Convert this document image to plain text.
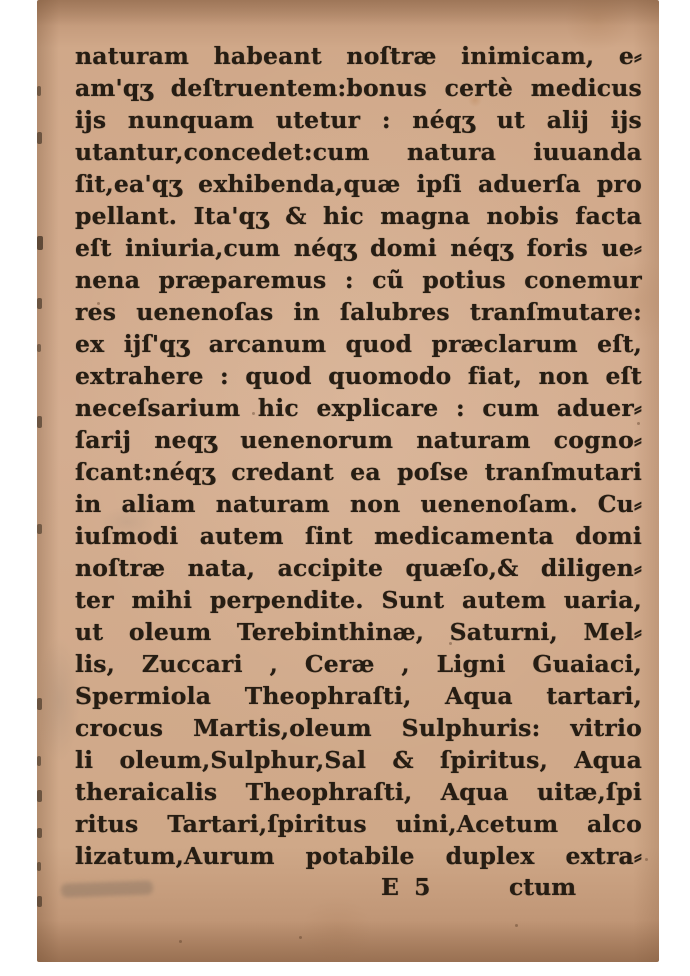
naturam habeant noſtræ inimicam, e⸗
am'qʒ deſtruentem:bonus certè medicus
ijs nunquam utetur : néqʒ ut alij ijs
utantur,concedet:cum natura iuuanda
ſit,ea'qʒ exhibenda,quæ ipſi aduerſa pro
pellant. Ita'qʒ & hic magna nobis facta
eſt iniuria,cum néqʒ domi néqʒ foris ue⸗
nena præparemus : cũ potius conemur
res uenenoſas in ſalubres tranſmutare:
ex ijſ'qʒ arcanum quod præclarum eſt,
extrahere : quod quomodo fiat, non eſt
neceſsarium hic explicare : cum aduer⸗
ſarij neqʒ uenenorum naturam cogno⸗
ſcant:néqʒ credant ea poſse tranſmutari
in aliam naturam non uenenoſam. Cu⸗
iuſmodi autem ſint medicamenta domi
noſtræ nata, accipite quæſo,& diligen⸗
ter mihi perpendite. Sunt autem uaria,
ut oleum Terebinthinæ, Saturni, Mel⸗
lis, Zuccari , Ceræ , Ligni Guaiaci,
Spermiola Theophraſti, Aqua tartari,
crocus Martis,oleum Sulphuris: vitrio
li oleum,Sulphur,Sal & ſpiritus, Aqua
theraicalis Theophraſti, Aqua uitæ,ſpi
ritus Tartari,ſpiritus uini,Acetum alco
lizatum,Aurum potabile duplex extra⸗
E 5	ctum
